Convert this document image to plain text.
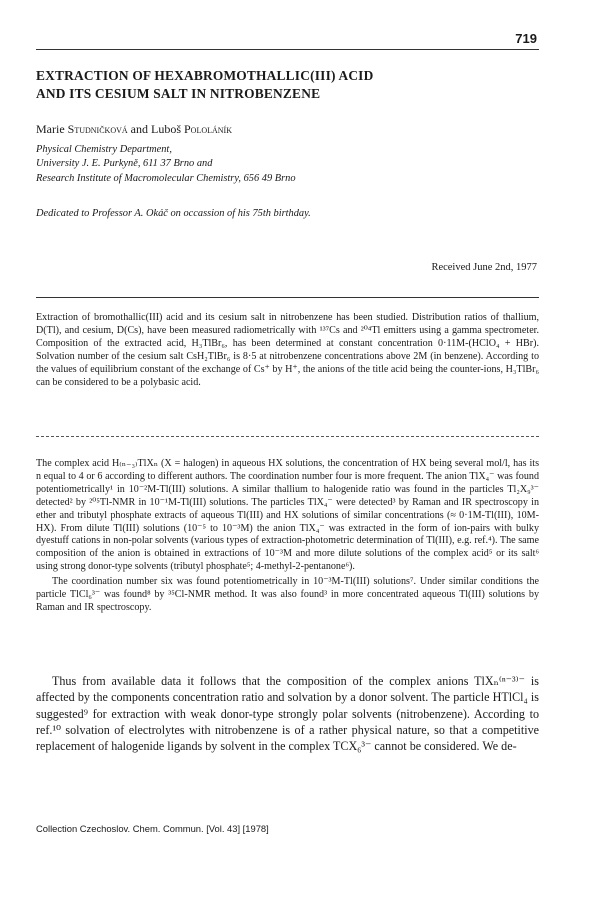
719
EXTRACTION OF HEXABROMOTHALLIC(III) ACID
AND ITS CESIUM SALT IN NITROBENZENE
Marie Studničková and Luboš Pololáník
Physical Chemistry Department,
University J. E. Purkyně, 611 37 Brno and
Research Institute of Macromolecular Chemistry, 656 49 Brno
Dedicated to Professor A. Okáč on occassion of his 75th birthday.
Received June 2nd, 1977
Extraction of bromothallic(III) acid and its cesium salt in nitrobenzene has been studied. Distribution ratios of thallium, D(Tl), and cesium, D(Cs), have been measured radiometrically with ¹³⁷Cs and ²⁰⁴Tl emitters using a gamma spectrometer. Composition of the extracted acid, H₃TlBr₆, has been determined at constant concentration 0·11M-(HClO₄ + HBr). Solvation number of the cesium salt CsH₂TlBr₆ is 8·5 at nitrobenzene concentrations above 2M (in benzene). According to the values of equilibrium constant of the exchange of Cs⁺ by H⁺, the anions of the title acid being the counter-ions, H₃TlBr₆ can be considered to be a polybasic acid.

The complex acid H₍ₙ₋₃₎TlXₙ (X = halogen) in aqueous HX solutions, the concentration of HX being several mol/l, has its n equal to 4 or 6 according to different authors. The coordination number four is more frequent. The anion TlX₄⁻ was found potentiometrically¹ in 10⁻²M-Tl(III) solutions. A similar thallium to halogenide ratio was found in the particles Tl₂X₉³⁻ detected² by ²⁰⁵Tl-NMR in 10⁻¹M-Tl(III) solutions. The particles TlX₄⁻ were detected³ by Raman and IR spectroscopy in ether and tributyl phosphate extracts of aqueous Tl(III) and HX solutions of similar concentrations (≈ 0·1M-Tl(III), 10M-HX). From dilute Tl(III) solutions (10⁻⁵ to 10⁻³M) the anion TlX₄⁻ was extracted in the form of ion-pairs with bulky dyestuff cations in non-polar solvents (various types of extraction-photometric determination of Tl(III), e.g. ref.⁴). The same composition of the anion is obtained in extractions of 10⁻³M and more dilute solutions of the complex acid⁵ or its salt⁶ using strong donor-type solvents (tributyl phosphate⁵; 4-methyl-2-pentanone⁶).

The coordination number six was found potentiometrically in 10⁻³M-Tl(III) solutions⁷. Under similar conditions the particle TlCl₆³⁻ was found⁸ by ³⁵Cl-NMR method. It was also found³ in more concentrated aqueous Tl(III) solutions by Raman and IR spectroscopy.

Thus from available data it follows that the composition of the complex anions TlXₙ⁽ⁿ⁻³⁾⁻ is affected by the components concentration ratio and solvation by a donor solvent. The particle HTlCl₄ is suggested⁹ for extraction with weak donor-type strongly polar solvents (nitrobenzene). According to ref.¹⁰ solvation of electrolytes with nitrobenzene is of a rather physical nature, so that a competitive replacement of halogenide ligands by solvent in the complex TCX₆³⁻ cannot be considered. We de-

Collection Czechoslov. Chem. Commun. [Vol. 43] [1978]
